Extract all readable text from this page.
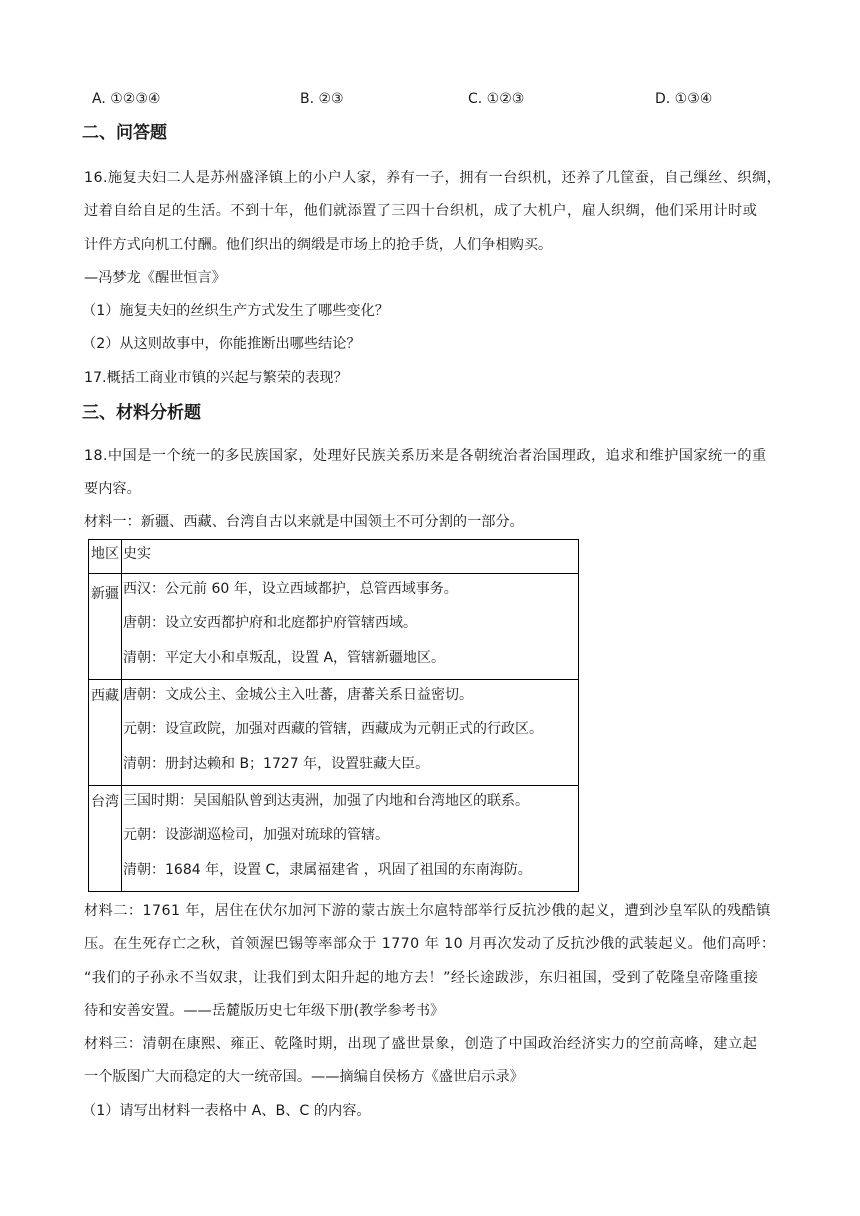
A. ①②③④	B. ②③	C. ①②③	D. ①③④
二、问答题
16.施复夫妇二人是苏州盛泽镇上的小户人家，养有一子，拥有一台织机，还养了几筐蚕，自己缫丝、织绸，
过着自给自足的生活。不到十年，他们就添置了三四十台织机，成了大机户，雇人织绸，他们采用计时或
计件方式向机工付酬。他们织出的绸缎是市场上的抢手货，人们争相购买。
—冯梦龙《醒世恒言》
（1）施复夫妇的丝织生产方式发生了哪些变化？
（2）从这则故事中，你能推断出哪些结论？
17.概括工商业市镇的兴起与繁荣的表现？
三、材料分析题
18.中国是一个统一的多民族国家，处理好民族关系历来是各朝统治者治国理政，追求和维护国家统一的重
要内容。
材料一：新疆、西藏、台湾自古以来就是中国领土不可分割的一部分。
地区	史实
新疆	西汉：公元前 60 年，设立西域都护，总管西域事务。
唐朝：设立安西都护府和北庭都护府管辖西域。
清朝：平定大小和卓叛乱，设置 A，管辖新疆地区。

西藏	唐朝：文成公主、金城公主入吐蕃，唐蕃关系日益密切。
元朝：设宣政院，加强对西藏的管辖，西藏成为元朝正式的行政区。
清朝：册封达赖和 B；1727 年，设置驻藏大臣。

台湾	三国时期：吴国船队曾到达夷洲，加强了内地和台湾地区的联系。
元朝：设澎湖巡检司，加强对琉球的管辖。
清朝：1684 年，设置 C，隶属福建省 ，巩固了祖国的东南海防。
材料二：1761 年，居住在伏尔加河下游的蒙古族土尔扈特部举行反抗沙俄的起义，遭到沙皇军队的残酷镇
压。在生死存亡之秋，首领渥巴锡等率部众于 1770 年 10 月再次发动了反抗沙俄的武装起义。他们高呼：
“我们的子孙永不当奴隶，让我们到太阳升起的地方去！”经长途跋涉，东归祖国，受到了乾隆皇帝隆重接
待和安善安置。——岳麓版历史七年级下册(教学参考书》
材料三：清朝在康熙、雍正、乾隆时期，出现了盛世景象，创造了中国政治经济实力的空前高峰，建立起
一个版图广大而稳定的大一统帝国。——摘编自侯杨方《盛世启示录》
（1）请写出材料一表格中 A、B、C 的内容。
